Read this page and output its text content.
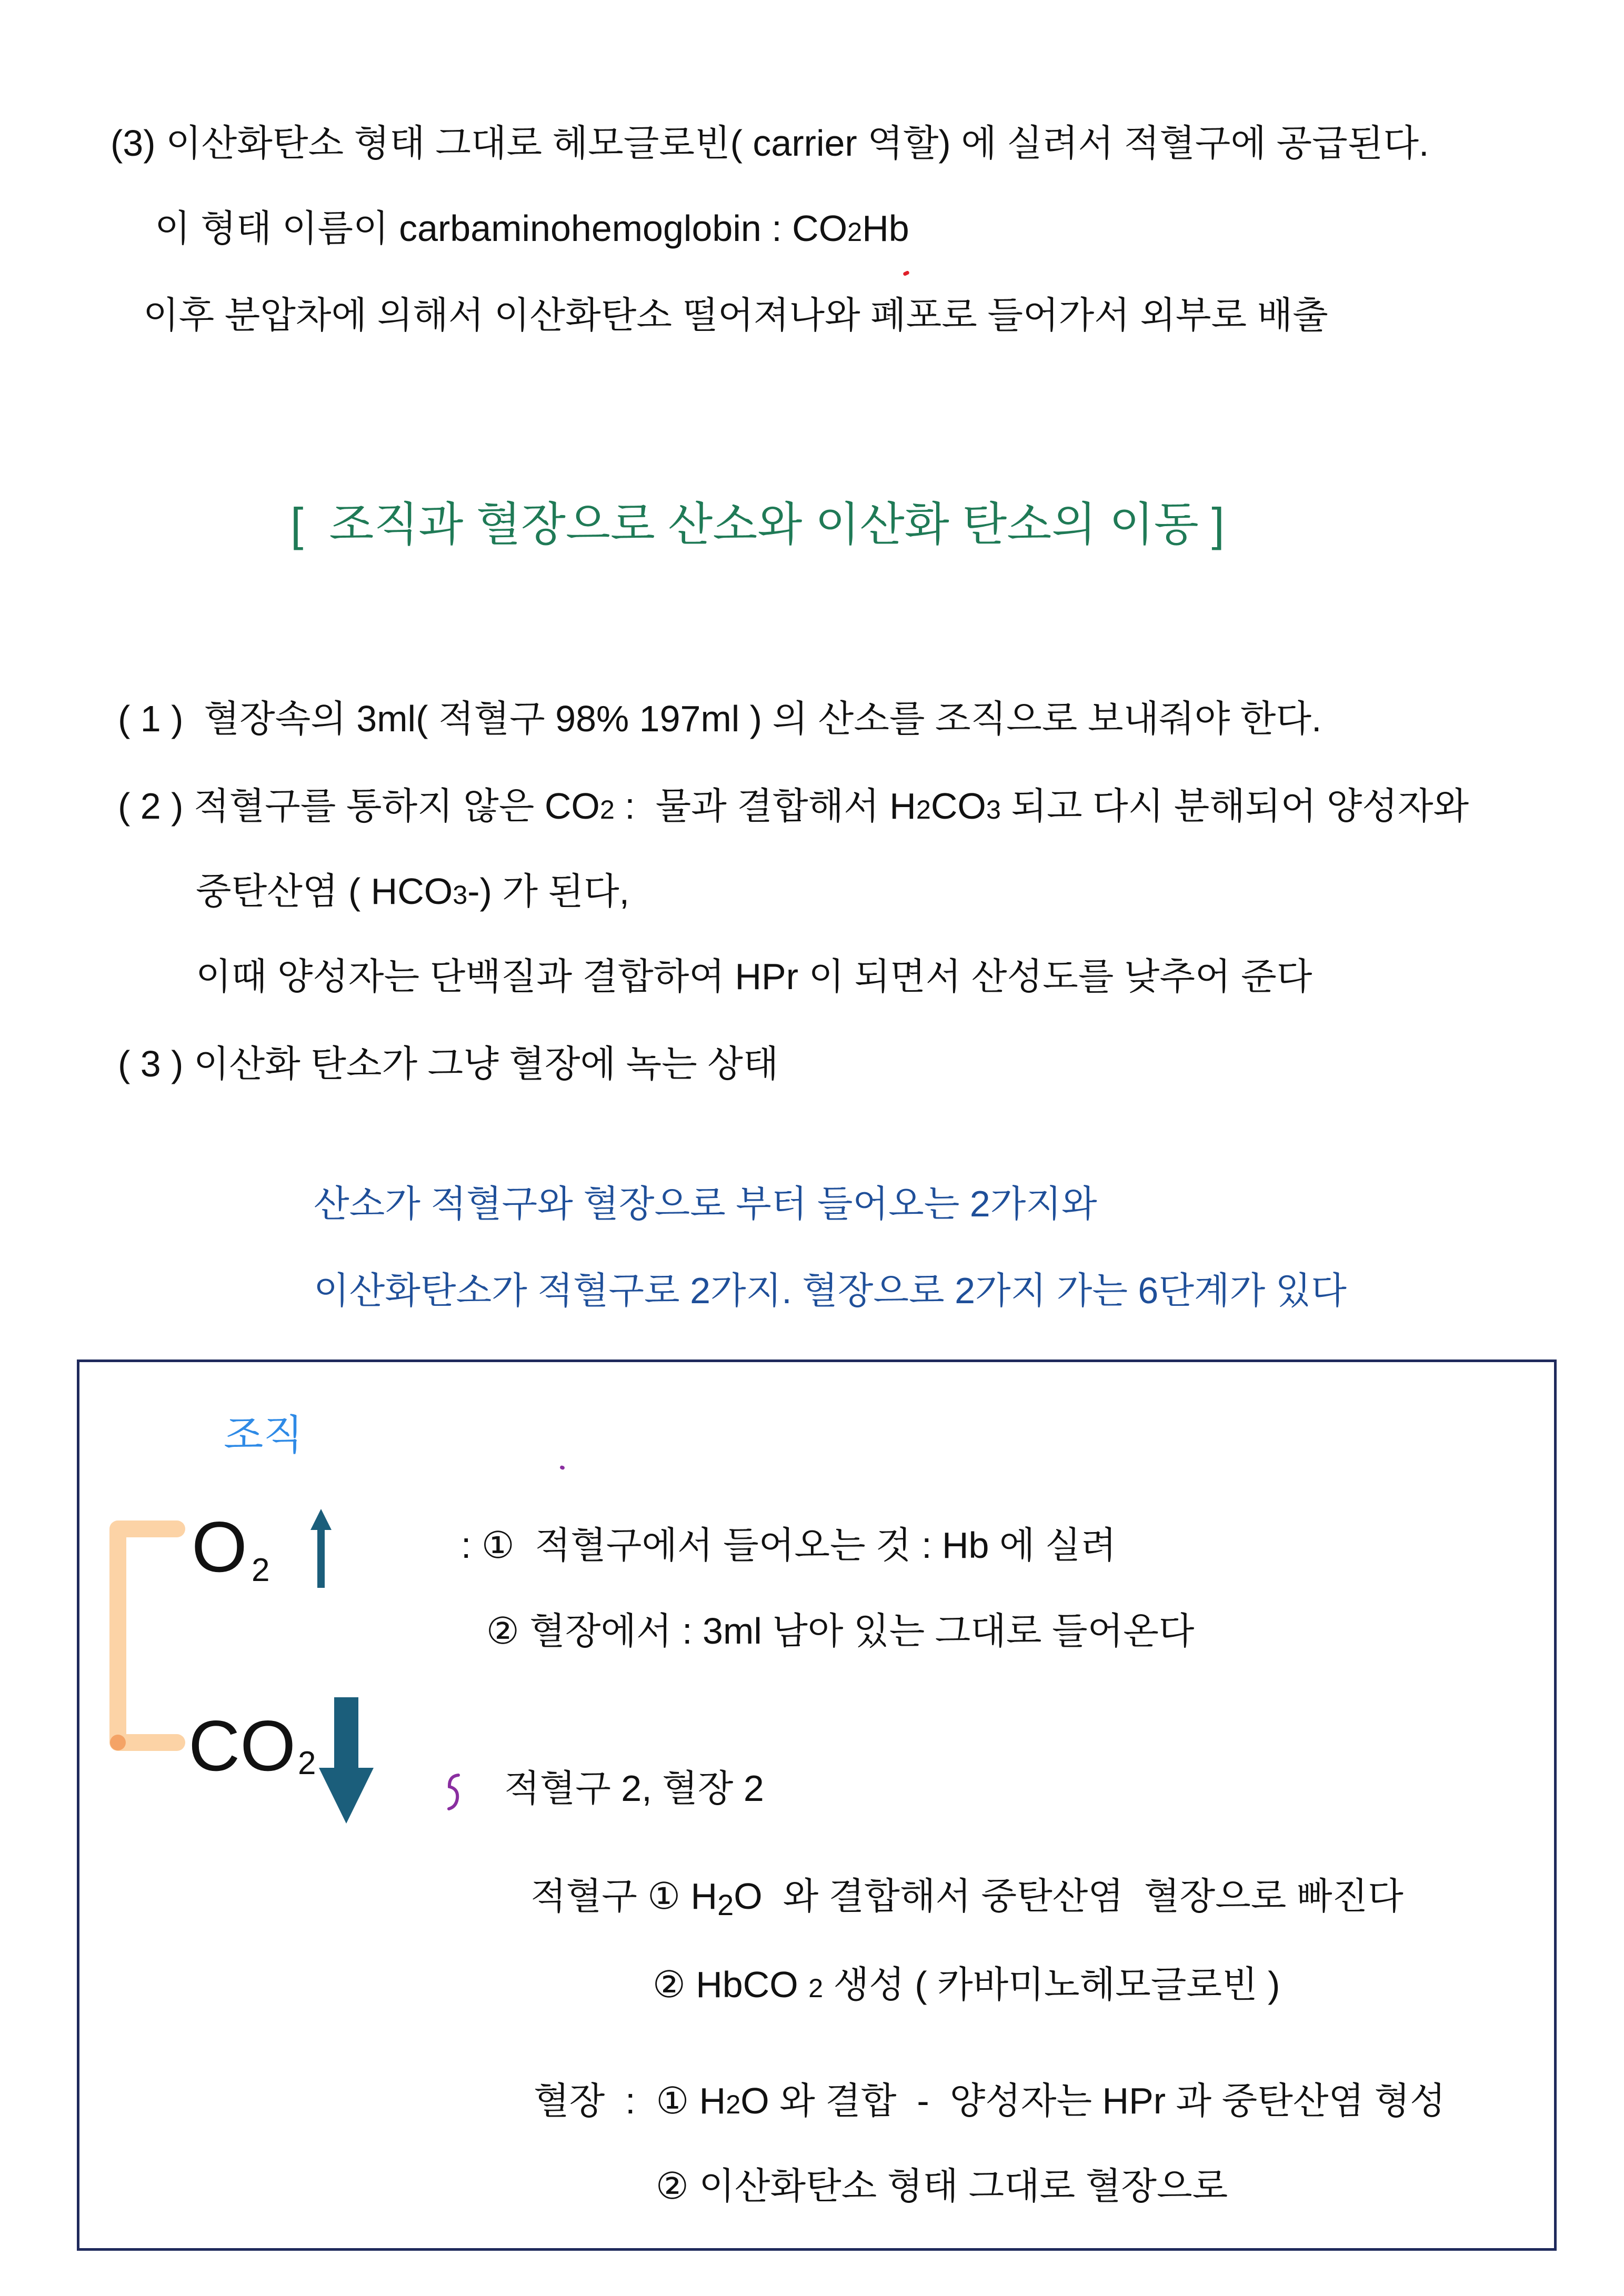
(3) 이산화탄소 형태 그대로 헤모글로빈( carrier 역할) 에 실려서 적혈구에 공급된다.
이 형태 이름이 carbaminohemoglobin : CO2Hb
이후 분압차에 의해서 이산화탄소 떨어져나와 폐포로 들어가서 외부로 배출
[  조직과 혈장으로 산소와 이산화 탄소의 이동 ]
( 1 )  혈장속의 3ml( 적혈구 98% 197ml ) 의 산소를 조직으로 보내줘야 한다.
( 2 ) 적혈구를 통하지 않은 CO2 :  물과 결합해서 H2CO3 되고 다시 분해되어 양성자와
중탄산염 ( HCO3-) 가 된다,
이때 양성자는 단백질과 결합하여 HPr 이 되면서 산성도를 낮추어 준다
( 3 ) 이산화 탄소가 그냥 혈장에 녹는 상태
산소가 적혈구와 혈장으로 부터 들어오는 2가지와
이산화탄소가 적혈구로 2가지. 혈장으로 2가지 가는 6단계가 있다
조직
O 2
: ①  적혈구에서 들어오는 것 : Hb 에 실려
② 혈장에서 : 3ml 남아 있는 그대로 들어온다
CO 2
적혈구 2, 혈장 2
적혈구 ① H2O  와 결합해서 중탄산염  혈장으로 빠진다
② HbCO 2 생성 ( 카바미노헤모글로빈 )
혈장  :  ① H2O 와 결합  -  양성자는 HPr 과 중탄산염 형성
② 이산화탄소 형태 그대로 혈장으로
